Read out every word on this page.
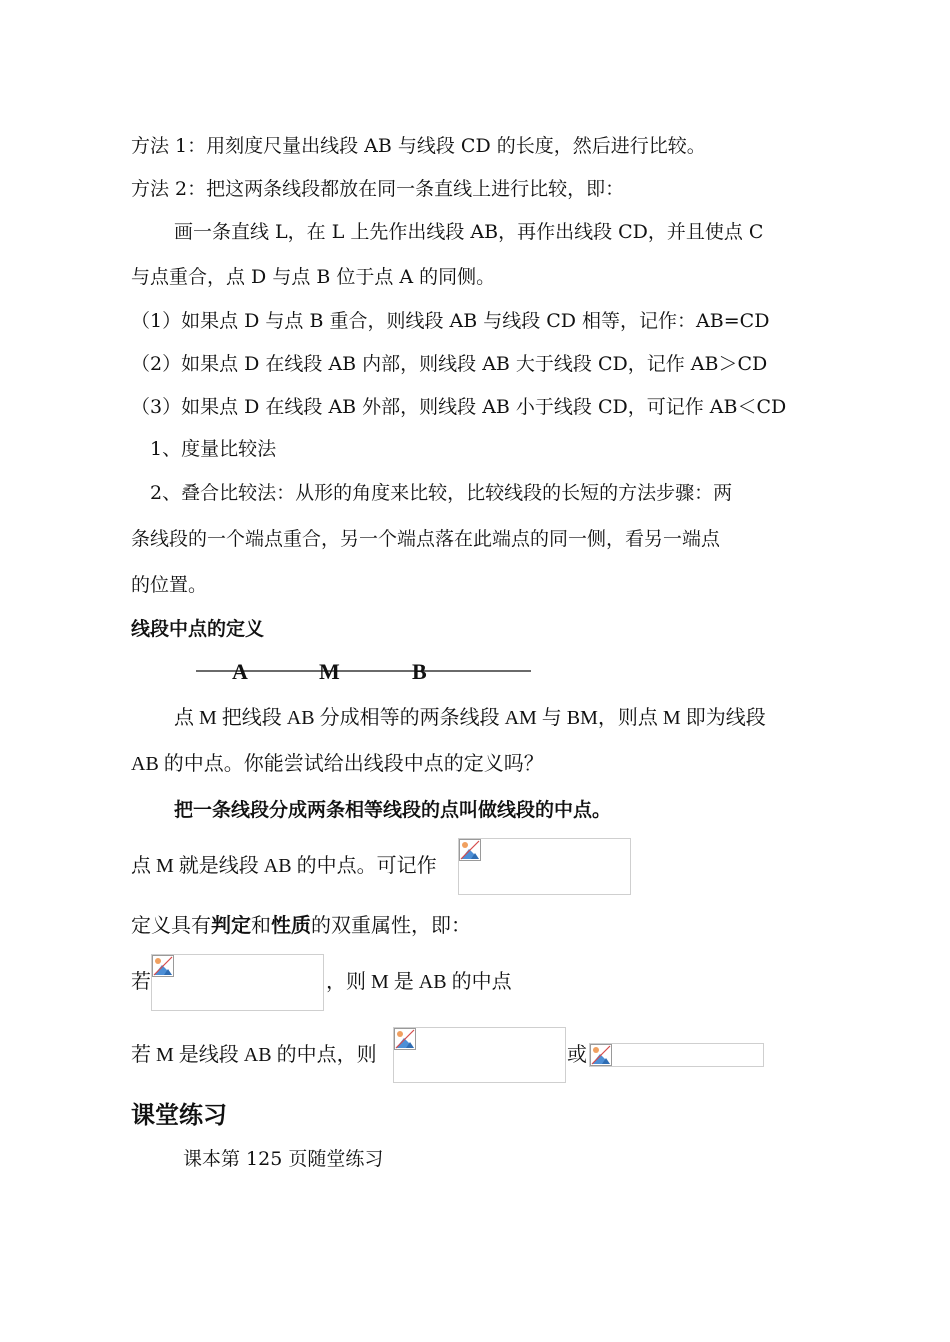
方法 1：用刻度尺量出线段 AB 与线段 CD 的长度，然后进行比较。
方法 2：把这两条线段都放在同一条直线上进行比较，即：
画一条直线 L，在 L 上先作出线段 AB，再作出线段 CD，并且使点 C
与点重合，点 D 与点 B 位于点 A 的同侧。
（1）如果点 D 与点 B 重合，则线段 AB 与线段 CD 相等，记作：AB=CD
（2）如果点 D 在线段 AB 内部，则线段 AB 大于线段 CD，记作 AB＞CD
（3）如果点 D 在线段 AB 外部，则线段 AB 小于线段 CD，可记作 AB＜CD
1、度量比较法
2、叠合比较法：从形的角度来比较，比较线段的长短的方法步骤：两
条线段的一个端点重合，另一个端点落在此端点的同一侧，看另一端点
的位置。
线段中点的定义
A	M	B
点 M 把线段 AB 分成相等的两条线段 AM 与 BM，则点 M 即为线段
AB 的中点。你能尝试给出线段中点的定义吗？
把一条线段分成两条相等线段的点叫做线段的中点。
点 M 就是线段 AB 的中点。可记作
定义具有判定和性质的双重属性，即：
若	，则 M 是 AB 的中点
若 M 是线段 AB 的中点，则	或
课堂练习
课本第 125 页随堂练习
